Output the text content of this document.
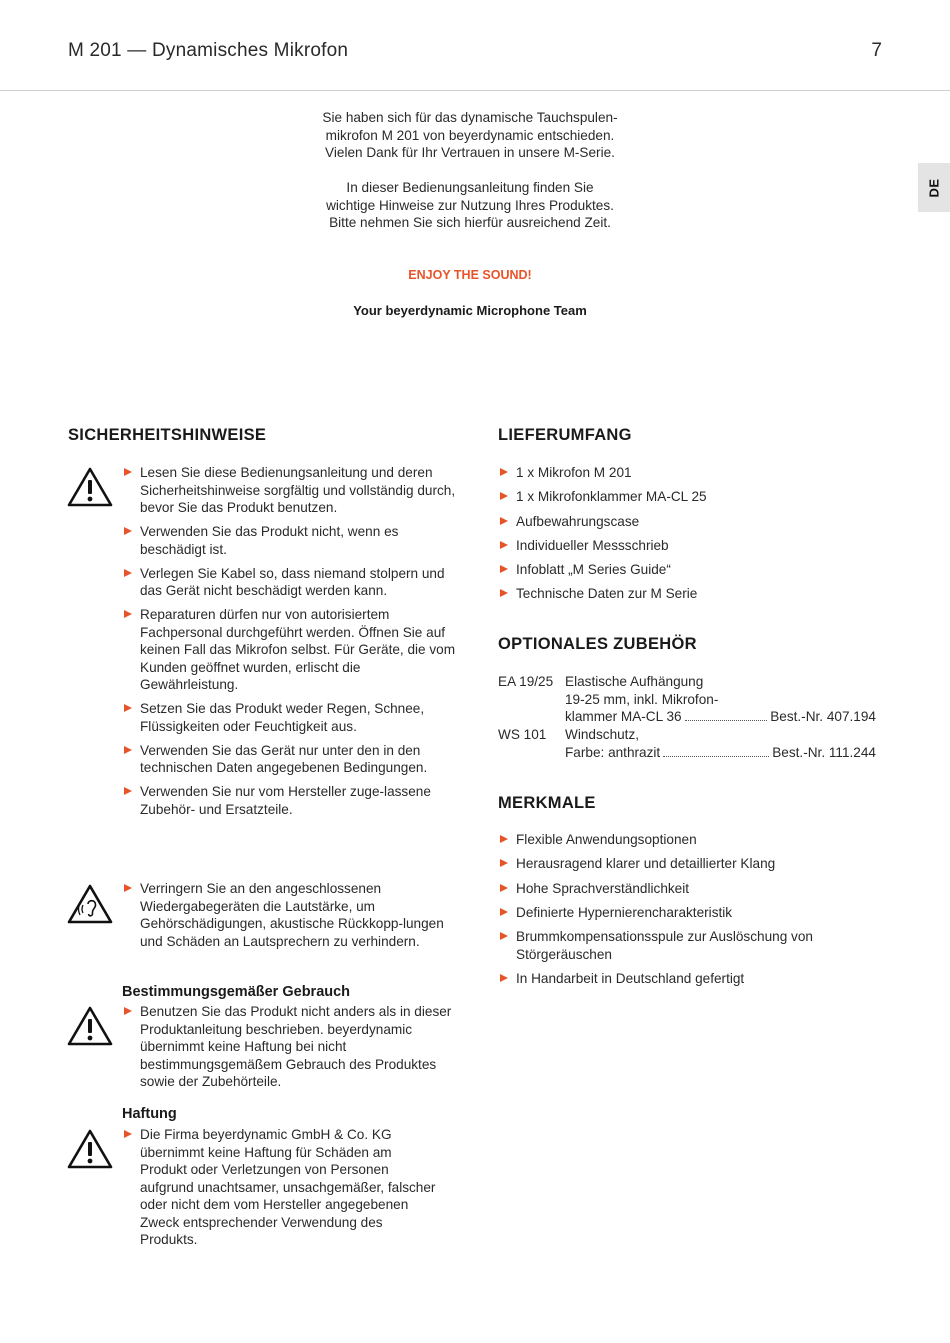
M 201 — Dynamisches Mikrofon	7
DE

Sie haben sich für das dynamische Tauchspulen-
mikrofon M 201 von beyerdynamic entschieden.
Vielen Dank für Ihr Vertrauen in unsere M-Serie.

In dieser Bedienungsanleitung finden Sie
wichtige Hinweise zur Nutzung Ihres Produktes.
Bitte nehmen Sie sich hierfür ausreichend Zeit.

ENJOY THE SOUND!
Your beyerdynamic Microphone Team
SICHERHEITSHINWEISE
Lesen Sie diese Bedienungsanleitung und deren Sicherheitshinweise sorgfältig und vollständig durch, bevor Sie das Produkt benutzen.
Verwenden Sie das Produkt nicht, wenn es beschädigt ist.
Verlegen Sie Kabel so, dass niemand stolpern und das Gerät nicht beschädigt werden kann.
Reparaturen dürfen nur von autorisiertem Fachpersonal durchgeführt werden. Öffnen Sie auf keinen Fall das Mikrofon selbst. Für Geräte, die vom Kunden geöffnet wurden, erlischt die Gewährleistung.
Setzen Sie das Produkt weder Regen, Schnee, Flüssigkeiten oder Feuchtigkeit aus.
Verwenden Sie das Gerät nur unter den in den technischen Daten angegebenen Bedingungen.
Verwenden Sie nur vom Hersteller zuge-lassene Zubehör- und Ersatzteile.
Verringern Sie an den angeschlossenen Wiedergabegeräten die Lautstärke, um Gehörschädigungen, akustische Rückkopp-lungen und Schäden an Lautsprechern zu verhindern.
Bestimmungsgemäßer Gebrauch
Benutzen Sie das Produkt nicht anders als in dieser Produktanleitung beschrieben. beyerdynamic übernimmt keine Haftung bei nicht bestimmungsgemäßem Gebrauch des Produktes sowie der Zubehörteile.
Haftung
Die Firma beyerdynamic GmbH & Co. KG übernimmt keine Haftung für Schäden am Produkt oder Verletzungen von Personen aufgrund unachtsamer, unsachgemäßer, falscher oder nicht dem vom Hersteller angegebenen Zweck entsprechender Verwendung des Produkts.
LIEFERUMFANG
1 x Mikrofon M 201
1 x Mikrofonklammer MA-CL 25
Aufbewahrungscase
Individueller Messschrieb
Infoblatt „M Series Guide“
Technische Daten zur M Serie
OPTIONALES ZUBEHÖR
EA 19/25 Elastische Aufhängung
19-25 mm, inkl. Mikrofon-
klammer MA-CL 36	Best.-Nr. 407.194
WS 101 Windschutz,
Farbe: anthrazit	Best.-Nr. 111.244
MERKMALE
Flexible Anwendungsoptionen
Herausragend klarer und detaillierter Klang
Hohe Sprachverständlichkeit
Definierte Hypernierencharakteristik
Brummkompensationsspule zur Auslöschung von Störgeräuschen
In Handarbeit in Deutschland gefertigt
